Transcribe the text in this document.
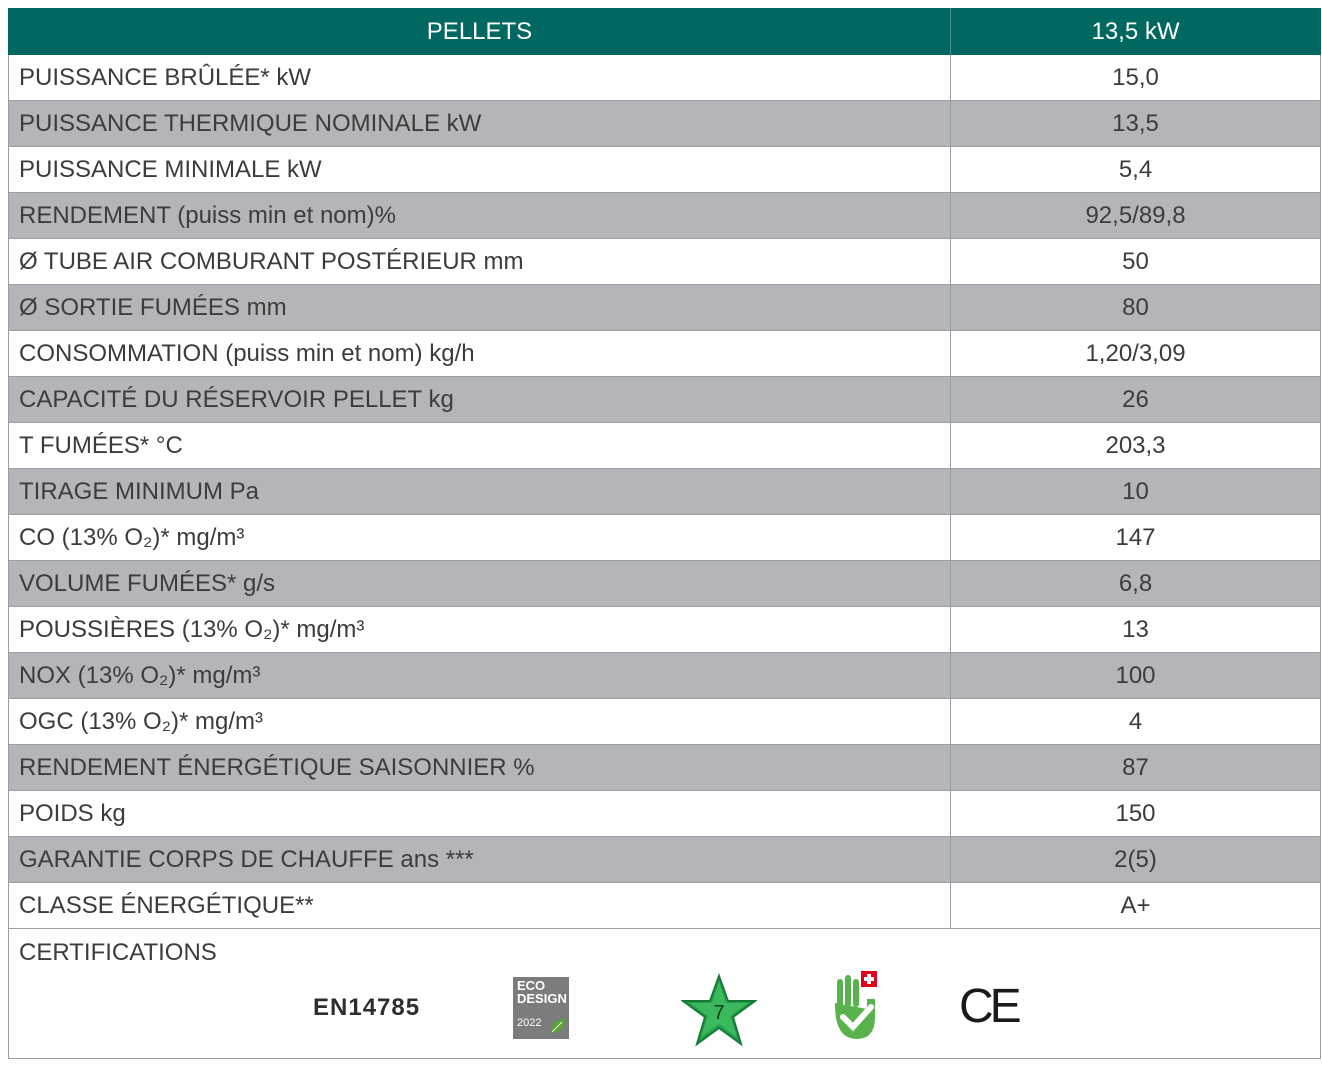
PELLETS	13,5 kW
PUISSANCE BRÛLÉE* kW	15,0
PUISSANCE THERMIQUE NOMINALE kW	13,5
PUISSANCE MINIMALE kW	5,4
RENDEMENT (puiss min et nom)%	92,5/89,8
Ø TUBE AIR COMBURANT POSTÉRIEUR mm	50
Ø SORTIE FUMÉES mm	80
CONSOMMATION (puiss min et nom) kg/h	1,20/3,09
CAPACITÉ DU RÉSERVOIR PELLET kg	26
T FUMÉES* °C	203,3
TIRAGE MINIMUM Pa	10
CO (13% O₂)* mg/m³	147
VOLUME FUMÉES* g/s	6,8
POUSSIÈRES (13% O₂)* mg/m³	13
NOX (13% O₂)* mg/m³	100
OGC (13% O₂)* mg/m³	4
RENDEMENT ÉNERGÉTIQUE SAISONNIER %	87
POIDS kg	150
GARANTIE CORPS DE CHAUFFE ans ***	2(5)
CLASSE ÉNERGÉTIQUE**	A+
CERTIFICATIONS
EN14785
ECO
DESIGN
2022	7	CE
